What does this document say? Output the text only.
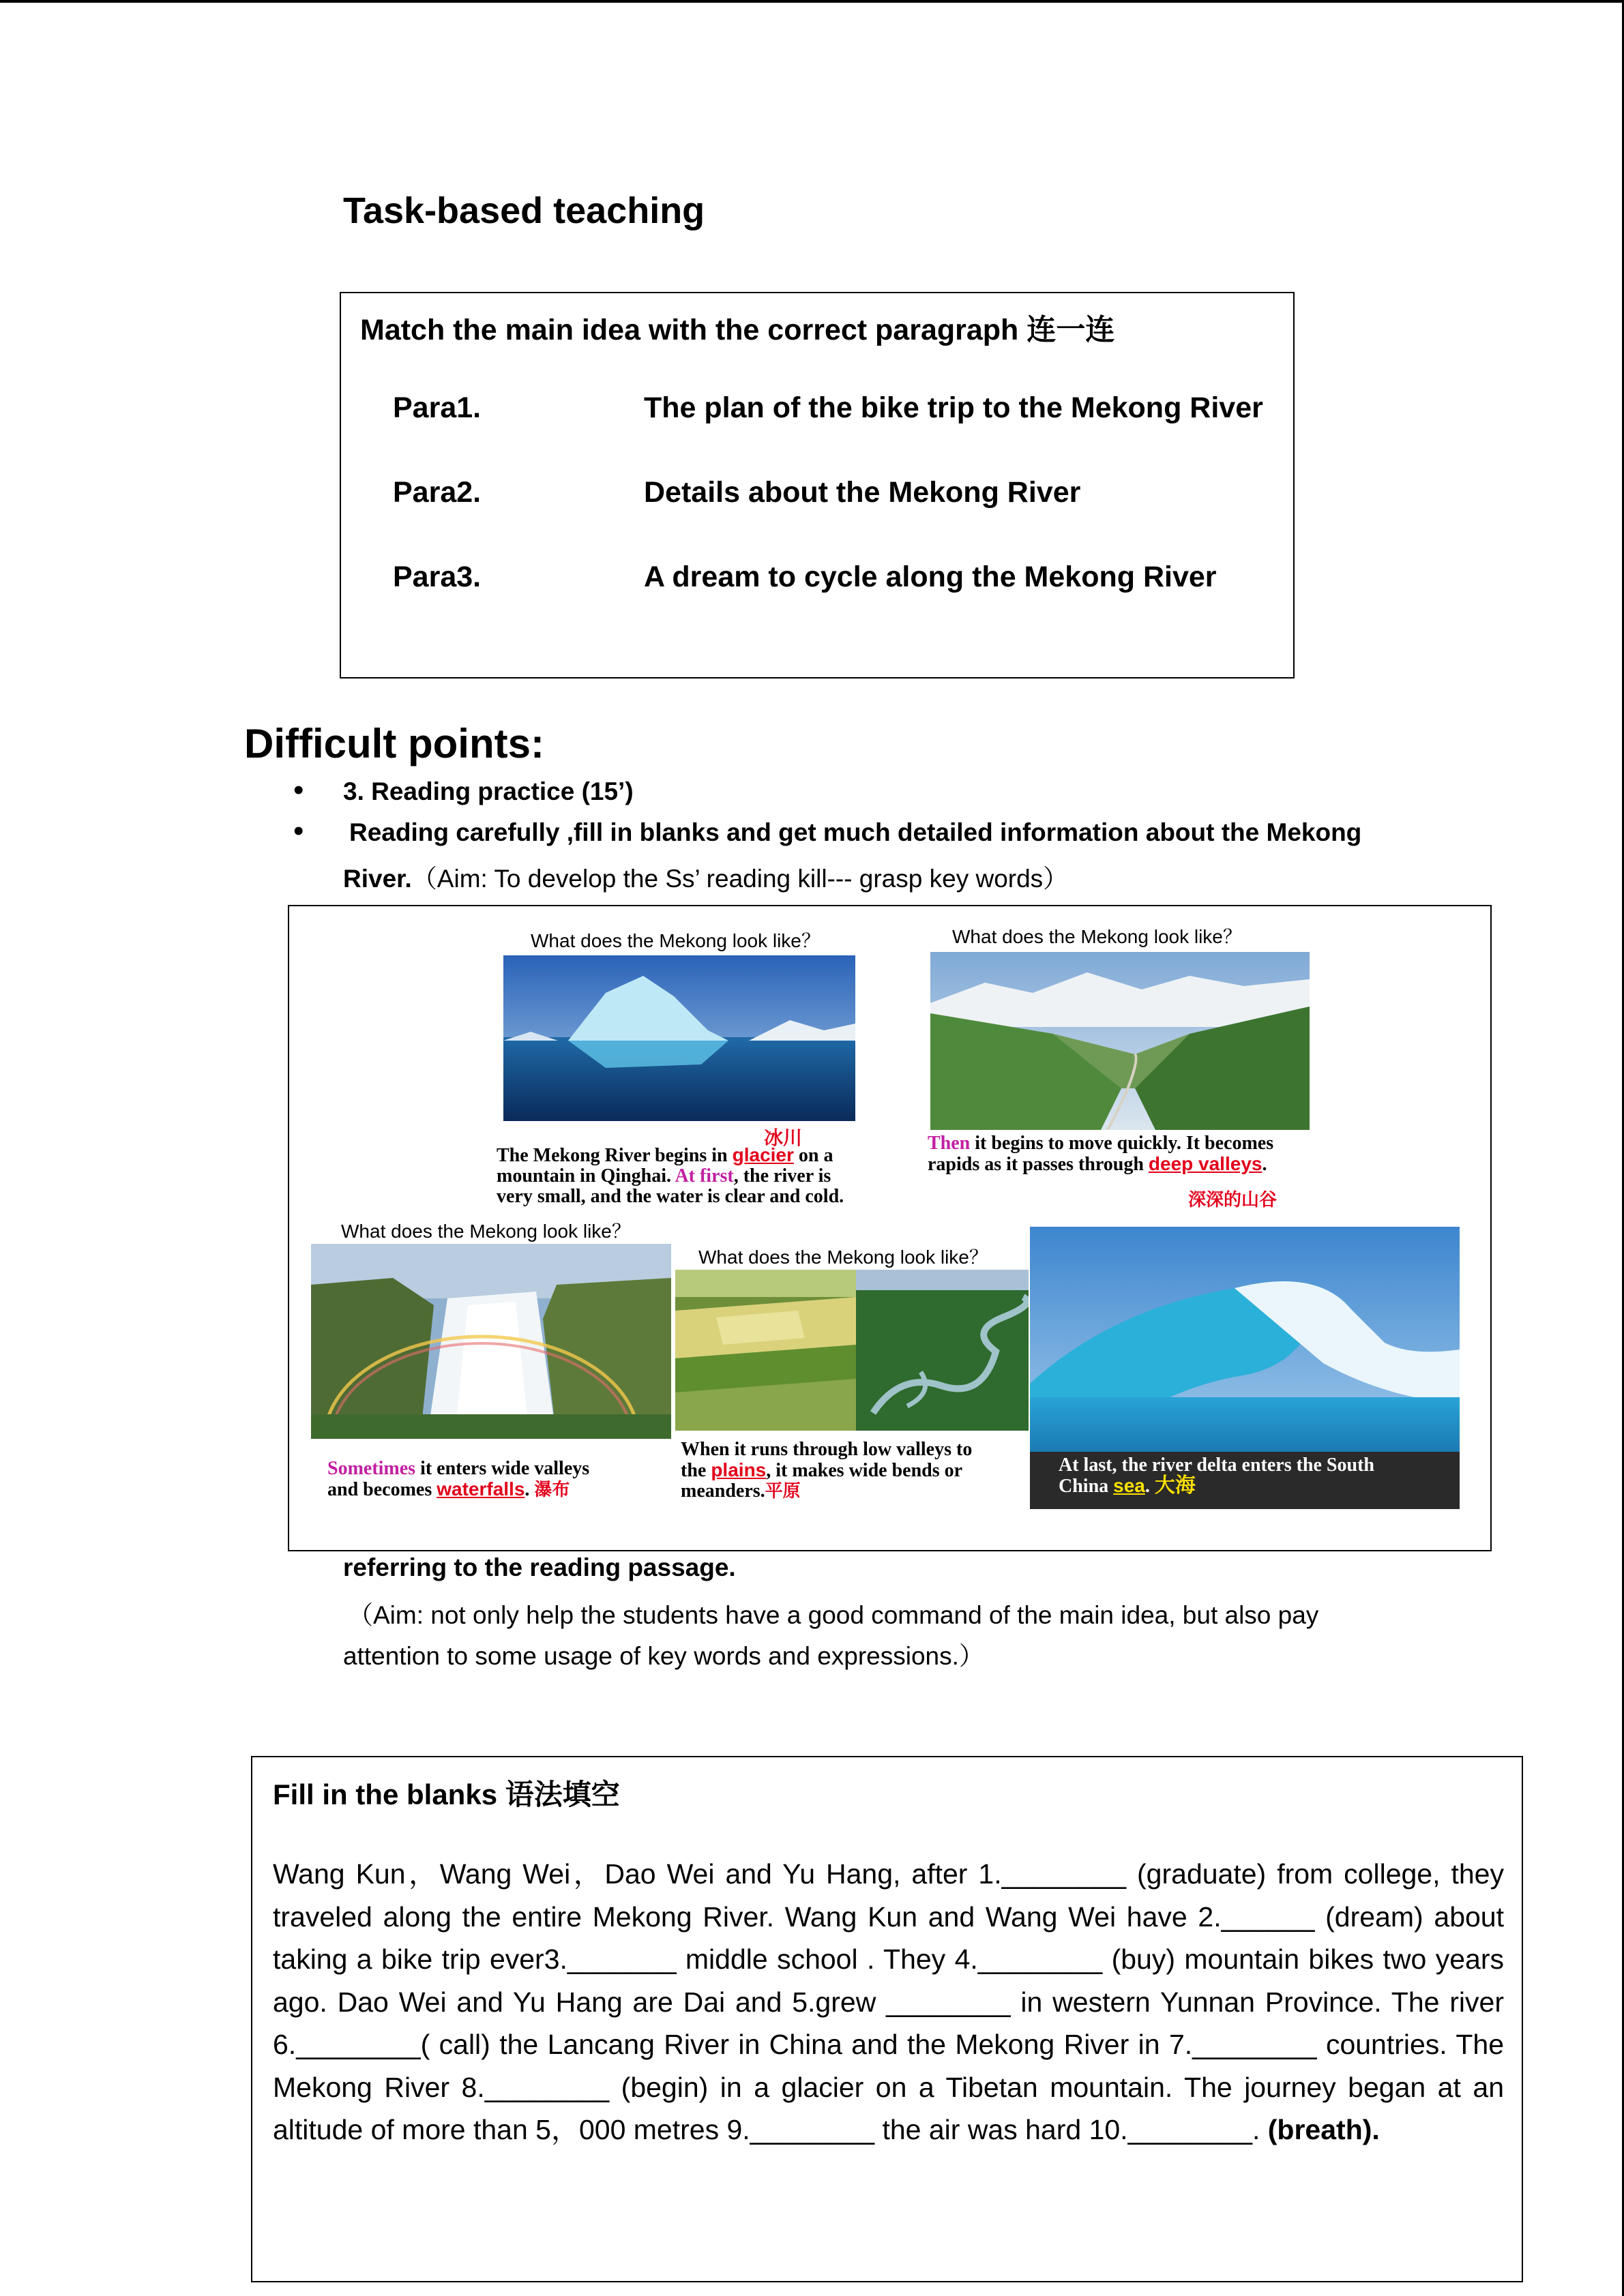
Task-based teaching
Match the main idea with the correct paragraph 连一连
Para1.	The plan of the bike trip to the Mekong River
Para2.	Details about the Mekong River
Para3.	A dream to cycle along the Mekong River
Difficult points:
•
•
3. Reading practice (15’)
Reading carefully ,fill in blanks and get much detailed information about the Mekong
River.（Aim: To develop the Ss’ reading kill--- grasp key words）
What does the Mekong look like？
冰川
The Mekong River begins in glacier on a
mountain in Qinghai. At first, the river is
very small, and the water is clear and cold.
What does the Mekong look like？
Then it begins to move quickly. It becomes
rapids as it passes through deep valleys.
深深的山谷
What does the Mekong look like？
Sometimes it enters wide valleys
and becomes waterfalls. 瀑布
What does the Mekong look like？
When it runs through low valleys to
the plains, it makes wide bends or
meanders.平原
At last, the river delta enters the South
China sea. 大海
referring to the reading passage.
（Aim: not only help the students have a good command of the main idea, but also pay
attention to some usage of key words and expressions.）
Fill in the blanks 语法填空
Wang Kun，Wang Wei，Dao Wei and Yu Hang, after 1.________ (graduate) from college, they traveled along the entire Mekong River. Wang Kun and Wang Wei have 2.______ (dream) about taking a bike trip ever3._______ middle school . They 4.________ (buy) mountain bikes two years ago. Dao Wei and Yu Hang are Dai and 5.grew ________ in western Yunnan Province. The river 6.________( call) the Lancang River in China and the Mekong River in 7.________ countries. The Mekong River 8.________ (begin) in a glacier on a Tibetan mountain. The journey began at an altitude of more than 5，000 metres 9.________ the air was hard 10.________. (breath).
